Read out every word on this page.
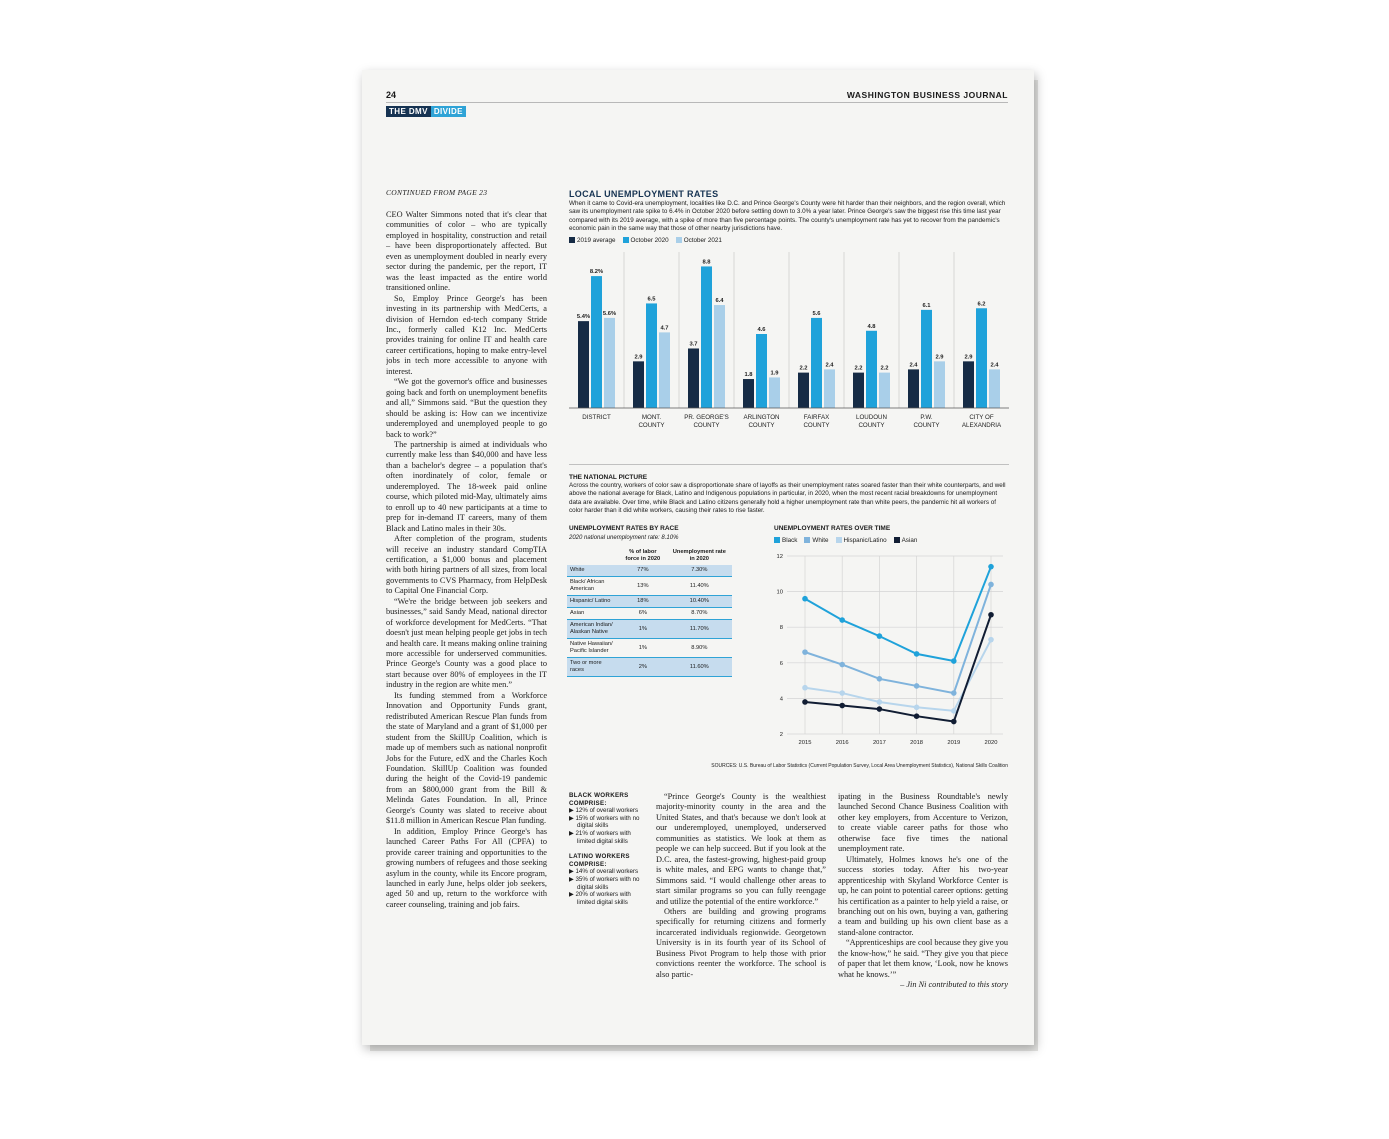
24	WASHINGTON BUSINESS JOURNAL
THE DMV DIVIDE
CONTINUED FROM PAGE 23

CEO Walter Simmons noted that it's clear that communities of color – who are typically employed in hospitality, construction and retail – have been disproportionately affected. But even as unemployment doubled in nearly every sector during the pandemic, per the report, IT was the least impacted as the entire world transitioned online.

So, Employ Prince George's has been investing in its partnership with MedCerts, a division of Herndon ed-tech company Stride Inc., formerly called K12 Inc. MedCerts provides training for online IT and health care career certifications, hoping to make entry-level jobs in tech more accessible to anyone with interest.

“We got the governor's office and businesses going back and forth on unemployment benefits and all,” Simmons said. “But the question they should be asking is: How can we incentivize underemployed and unemployed people to go back to work?”

The partnership is aimed at individuals who currently make less than $40,000 and have less than a bachelor's degree – a population that's often inordinately of color, female or underemployed. The 18-week paid online course, which piloted mid-May, ultimately aims to enroll up to 40 new participants at a time to prep for in-demand IT careers, many of them Black and Latino males in their 30s.

After completion of the program, students will receive an industry standard CompTIA certification, a $1,000 bonus and placement with both hiring partners of all sizes, from local governments to CVS Pharmacy, from HelpDesk to Capital One Financial Corp.

“We're the bridge between job seekers and businesses,” said Sandy Mead, national director of workforce development for MedCerts. “That doesn't just mean helping people get jobs in tech and health care. It means making online training more accessible for underserved communities. Prince George's County was a good place to start because over 80% of employees in the IT industry in the region are white men.”

Its funding stemmed from a Workforce Innovation and Opportunity Funds grant, redistributed American Rescue Plan funds from the state of Maryland and a grant of $1,000 per student from the SkillUp Coalition, which is made up of members such as national nonprofit Jobs for the Future, edX and the Charles Koch Foundation. SkillUp Coalition was founded during the height of the Covid-19 pandemic from an $800,000 grant from the Bill & Melinda Gates Foundation. In all, Prince George's County was slated to receive about $11.8 million in American Rescue Plan funding.

In addition, Employ Prince George's has launched Career Paths For All (CPFA) to provide career training and opportunities to the growing numbers of refugees and those seeking asylum in the county, while its Encore program, launched in early June, helps older job seekers, aged 50 and up, return to the workforce with career counseling, training and job fairs.

LOCAL UNEMPLOYMENT RATES
When it came to Covid-era unemployment, localities like D.C. and Prince George's County were hit harder than their neighbors, and the region overall, which saw its unemployment rate spike to 6.4% in October 2020 before settling down to 3.0% a year later. Prince George's saw the biggest rise this time last year compared with its 2019 average, with a spike of more than five percentage points. The county's unemployment rate has yet to recover from the pandemic's economic pain in the same way that those of other nearby jurisdictions have.
2019 average	October 2020	October 2021
5.4%
8.2%
5.6%
DISTRICT
2.9
6.5
4.7
MONT.
COUNTY
3.7
8.8
6.4
PR. GEORGE'S
COUNTY
1.8
4.6
1.9
ARLINGTON
COUNTY
2.2
5.6
2.4
FAIRFAX
COUNTY
2.2
4.8
2.2
LOUDOUN
COUNTY
2.4
6.1
2.9
P.W.
COUNTY
2.9
6.2
2.4
CITY OF
ALEXANDRIA
THE NATIONAL PICTURE
Across the country, workers of color saw a disproportionate share of layoffs as their unemployment rates soared faster than their white counterparts, and well above the national average for Black, Latino and Indigenous populations in particular, in 2020, when the most recent racial breakdowns for unemployment data are available. Over time, while Black and Latino citizens generally hold a higher unemployment rate than white peers, the pandemic hit all workers of color harder than it did white workers, causing their rates to rise faster.
UNEMPLOYMENT RATES BY RACE
2020 national unemployment rate: 8.10%
	% of labor force in 2020	Unemployment rate in 2020
White	77%	7.30%
Black/ African American	13%	11.40%
Hispanic/ Latino	18%	10.40%
Asian	6%	8.70%
American Indian/ Alaskan Native	1%	11.70%
Native Hawaiian/ Pacific Islander	1%	8.90%
Two or more races	2%	11.60%
UNEMPLOYMENT RATES OVER TIME
Black	White	Hispanic/Latino	Asian
2
4
6
8
10
12
2015	2016	2017	2018	2019	2020
SOURCES: U.S. Bureau of Labor Statistics (Current Population Survey, Local Area Unemployment Statistics), National Skills Coalition
BLACK WORKERS COMPRISE:
▶ 12% of overall workers
▶ 15% of workers with no digital skills
▶ 21% of workers with limited digital skills
LATINO WORKERS COMPRISE:
▶ 14% of overall workers
▶ 35% of workers with no digital skills
▶ 20% of workers with limited digital skills

“Prince George's County is the wealthiest majority-minority county in the area and the United States, and that's because we don't look at our underemployed, unemployed, underserved communities as statistics. We look at them as people we can help succeed. But if you look at the D.C. area, the fastest-growing, highest-paid group is white males, and EPG wants to change that,” Simmons said. “I would challenge other areas to start similar programs so you can fully reengage and utilize the potential of the entire workforce.”

Others are building and growing programs specifically for returning citizens and formerly incarcerated individuals regionwide. Georgetown University is in its fourth year of its School of Business Pivot Program to help those with prior convictions reenter the workforce. The school is also partic-

ipating in the Business Roundtable's newly launched Second Chance Business Coalition with other key employers, from Accenture to Verizon, to create viable career paths for those who otherwise face five times the national unemployment rate.

Ultimately, Holmes knows he's one of the success stories today. After his two-year apprenticeship with Skyland Workforce Center is up, he can point to potential career options: getting his certification as a painter to help yield a raise, or branching out on his own, buying a van, gathering a team and building up his own client base as a stand-alone contractor.

“Apprenticeships are cool because they give you the know-how,” he said. “They give you that piece of paper that let them know, ‘Look, now he knows what he knows.’”

– Jin Ni contributed to this story
